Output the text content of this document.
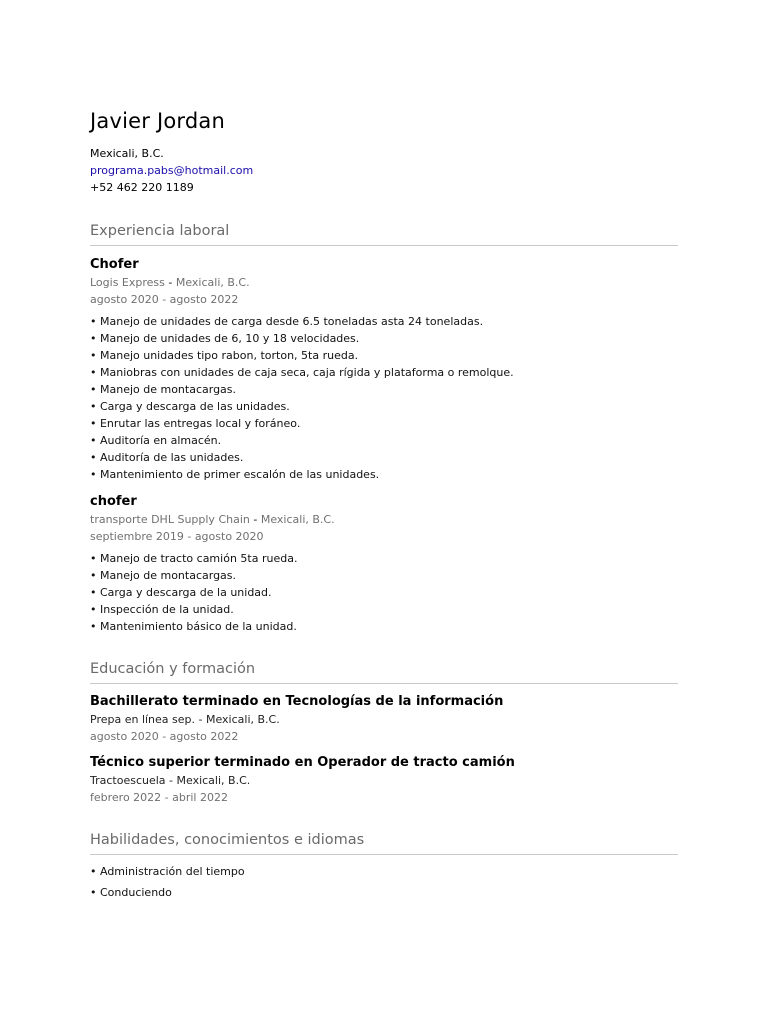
Javier Jordan
Mexicali, B.C.
programa.pabs@hotmail.com
+52 462 220 1189
Experiencia laboral
Chofer
Logis Express - Mexicali, B.C.
agosto 2020 - agosto 2022
• Manejo de unidades de carga desde 6.5 toneladas asta 24 toneladas.
• Manejo de unidades de 6, 10 y 18 velocidades.
• Manejo unidades tipo rabon, torton, 5ta rueda.
• Maniobras con unidades de caja seca, caja rígida y plataforma o remolque.
• Manejo de montacargas.
• Carga y descarga de las unidades.
• Enrutar las entregas local y foráneo.
• Auditoría en almacén.
• Auditoría de las unidades.
• Mantenimiento de primer escalón de las unidades.
chofer
transporte DHL Supply Chain - Mexicali, B.C.
septiembre 2019 - agosto 2020
• Manejo de tracto camión 5ta rueda.
• Manejo de montacargas.
• Carga y descarga de la unidad.
• Inspección de la unidad.
• Mantenimiento básico de la unidad.
Educación y formación
Bachillerato terminado en Tecnologías de la información
Prepa en línea sep. - Mexicali, B.C.
agosto 2020 - agosto 2022
Técnico superior terminado en Operador de tracto camión
Tractoescuela - Mexicali, B.C.
febrero 2022 - abril 2022
Habilidades, conocimientos e idiomas
• Administración del tiempo
• Conduciendo
